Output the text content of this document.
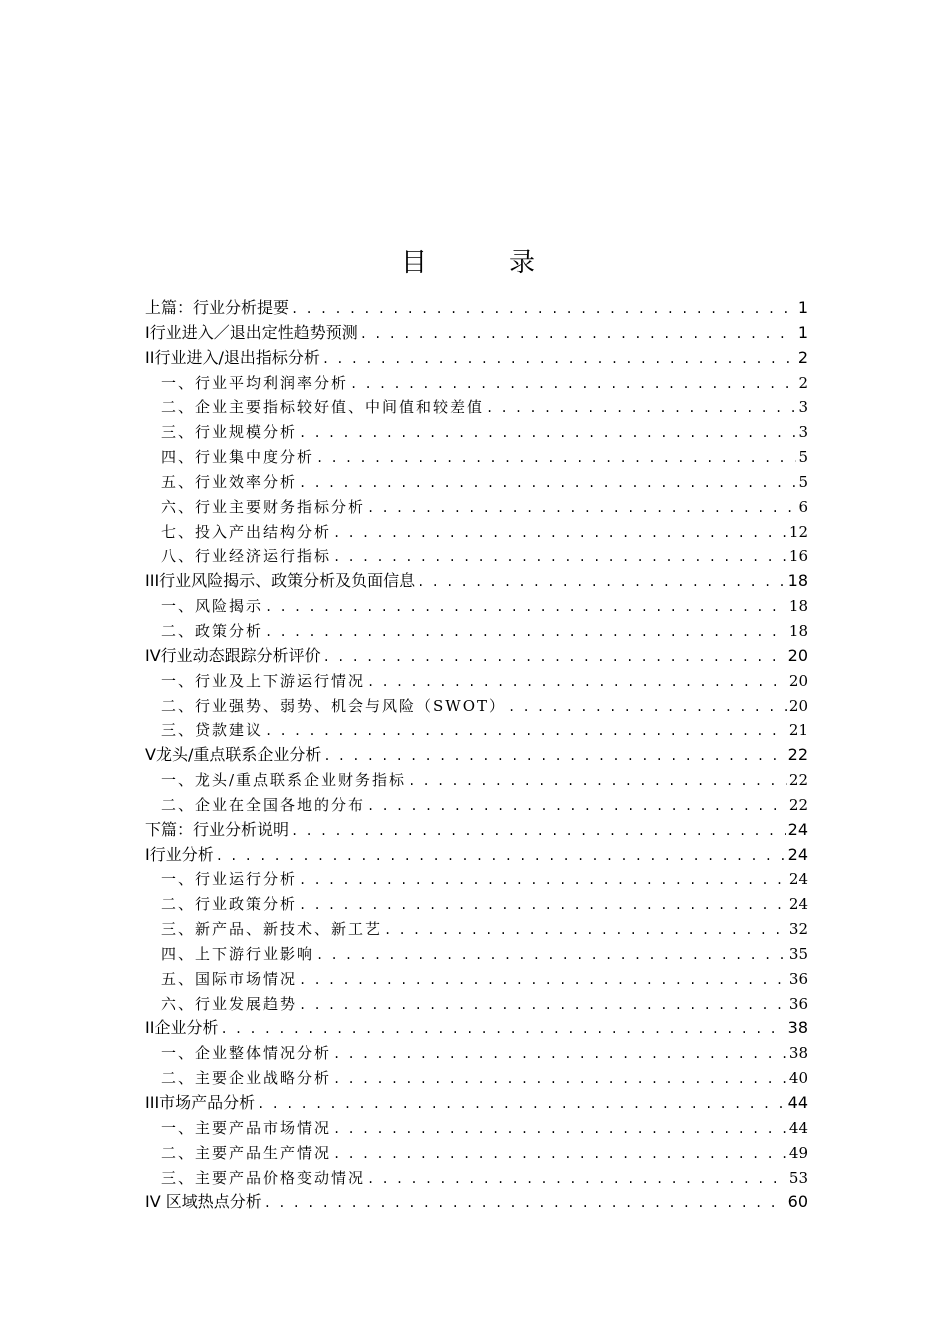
目　录
上篇：行业分析提要 . . .	1
I行业进入／退出定性趋势预测 . . .	1
II行业进入/退出指标分析 . . .	2
一、行业平均利润率分析 . . .	2
二、企业主要指标较好值、中间值和较差值 . . .	3
三、行业规模分析 . . .	3
四、行业集中度分析 . . .	5
五、行业效率分析 . . .	5
六、行业主要财务指标分析 . . .	6
七、投入产出结构分析 . . .	12
八、行业经济运行指标 . . .	16
III行业风险揭示、政策分析及负面信息 . . .	18
一、风险揭示 . . .	18
二、政策分析 . . .	18
IV行业动态跟踪分析评价 . . .	20
一、行业及上下游运行情况 . . .	20
二、行业强势、弱势、机会与风险（SWOT） . . .	20
三、贷款建议 . . .	21
V龙头/重点联系企业分析 . . .	22
一、龙头/重点联系企业财务指标 . . .	22
二、企业在全国各地的分布 . . .	22
下篇：行业分析说明 . . .	24
I行业分析 . . .	24
一、行业运行分析 . . .	24
二、行业政策分析 . . .	24
三、新产品、新技术、新工艺 . . .	32
四、上下游行业影响 . . .	35
五、国际市场情况 . . .	36
六、行业发展趋势 . . .	36
II企业分析 . . .	38
一、企业整体情况分析 . . .	38
二、主要企业战略分析 . . .	40
III市场产品分析 . . .	44
一、主要产品市场情况 . . .	44
二、主要产品生产情况 . . .	49
三、主要产品价格变动情况 . . .	53
IV 区域热点分析 . . .	60
